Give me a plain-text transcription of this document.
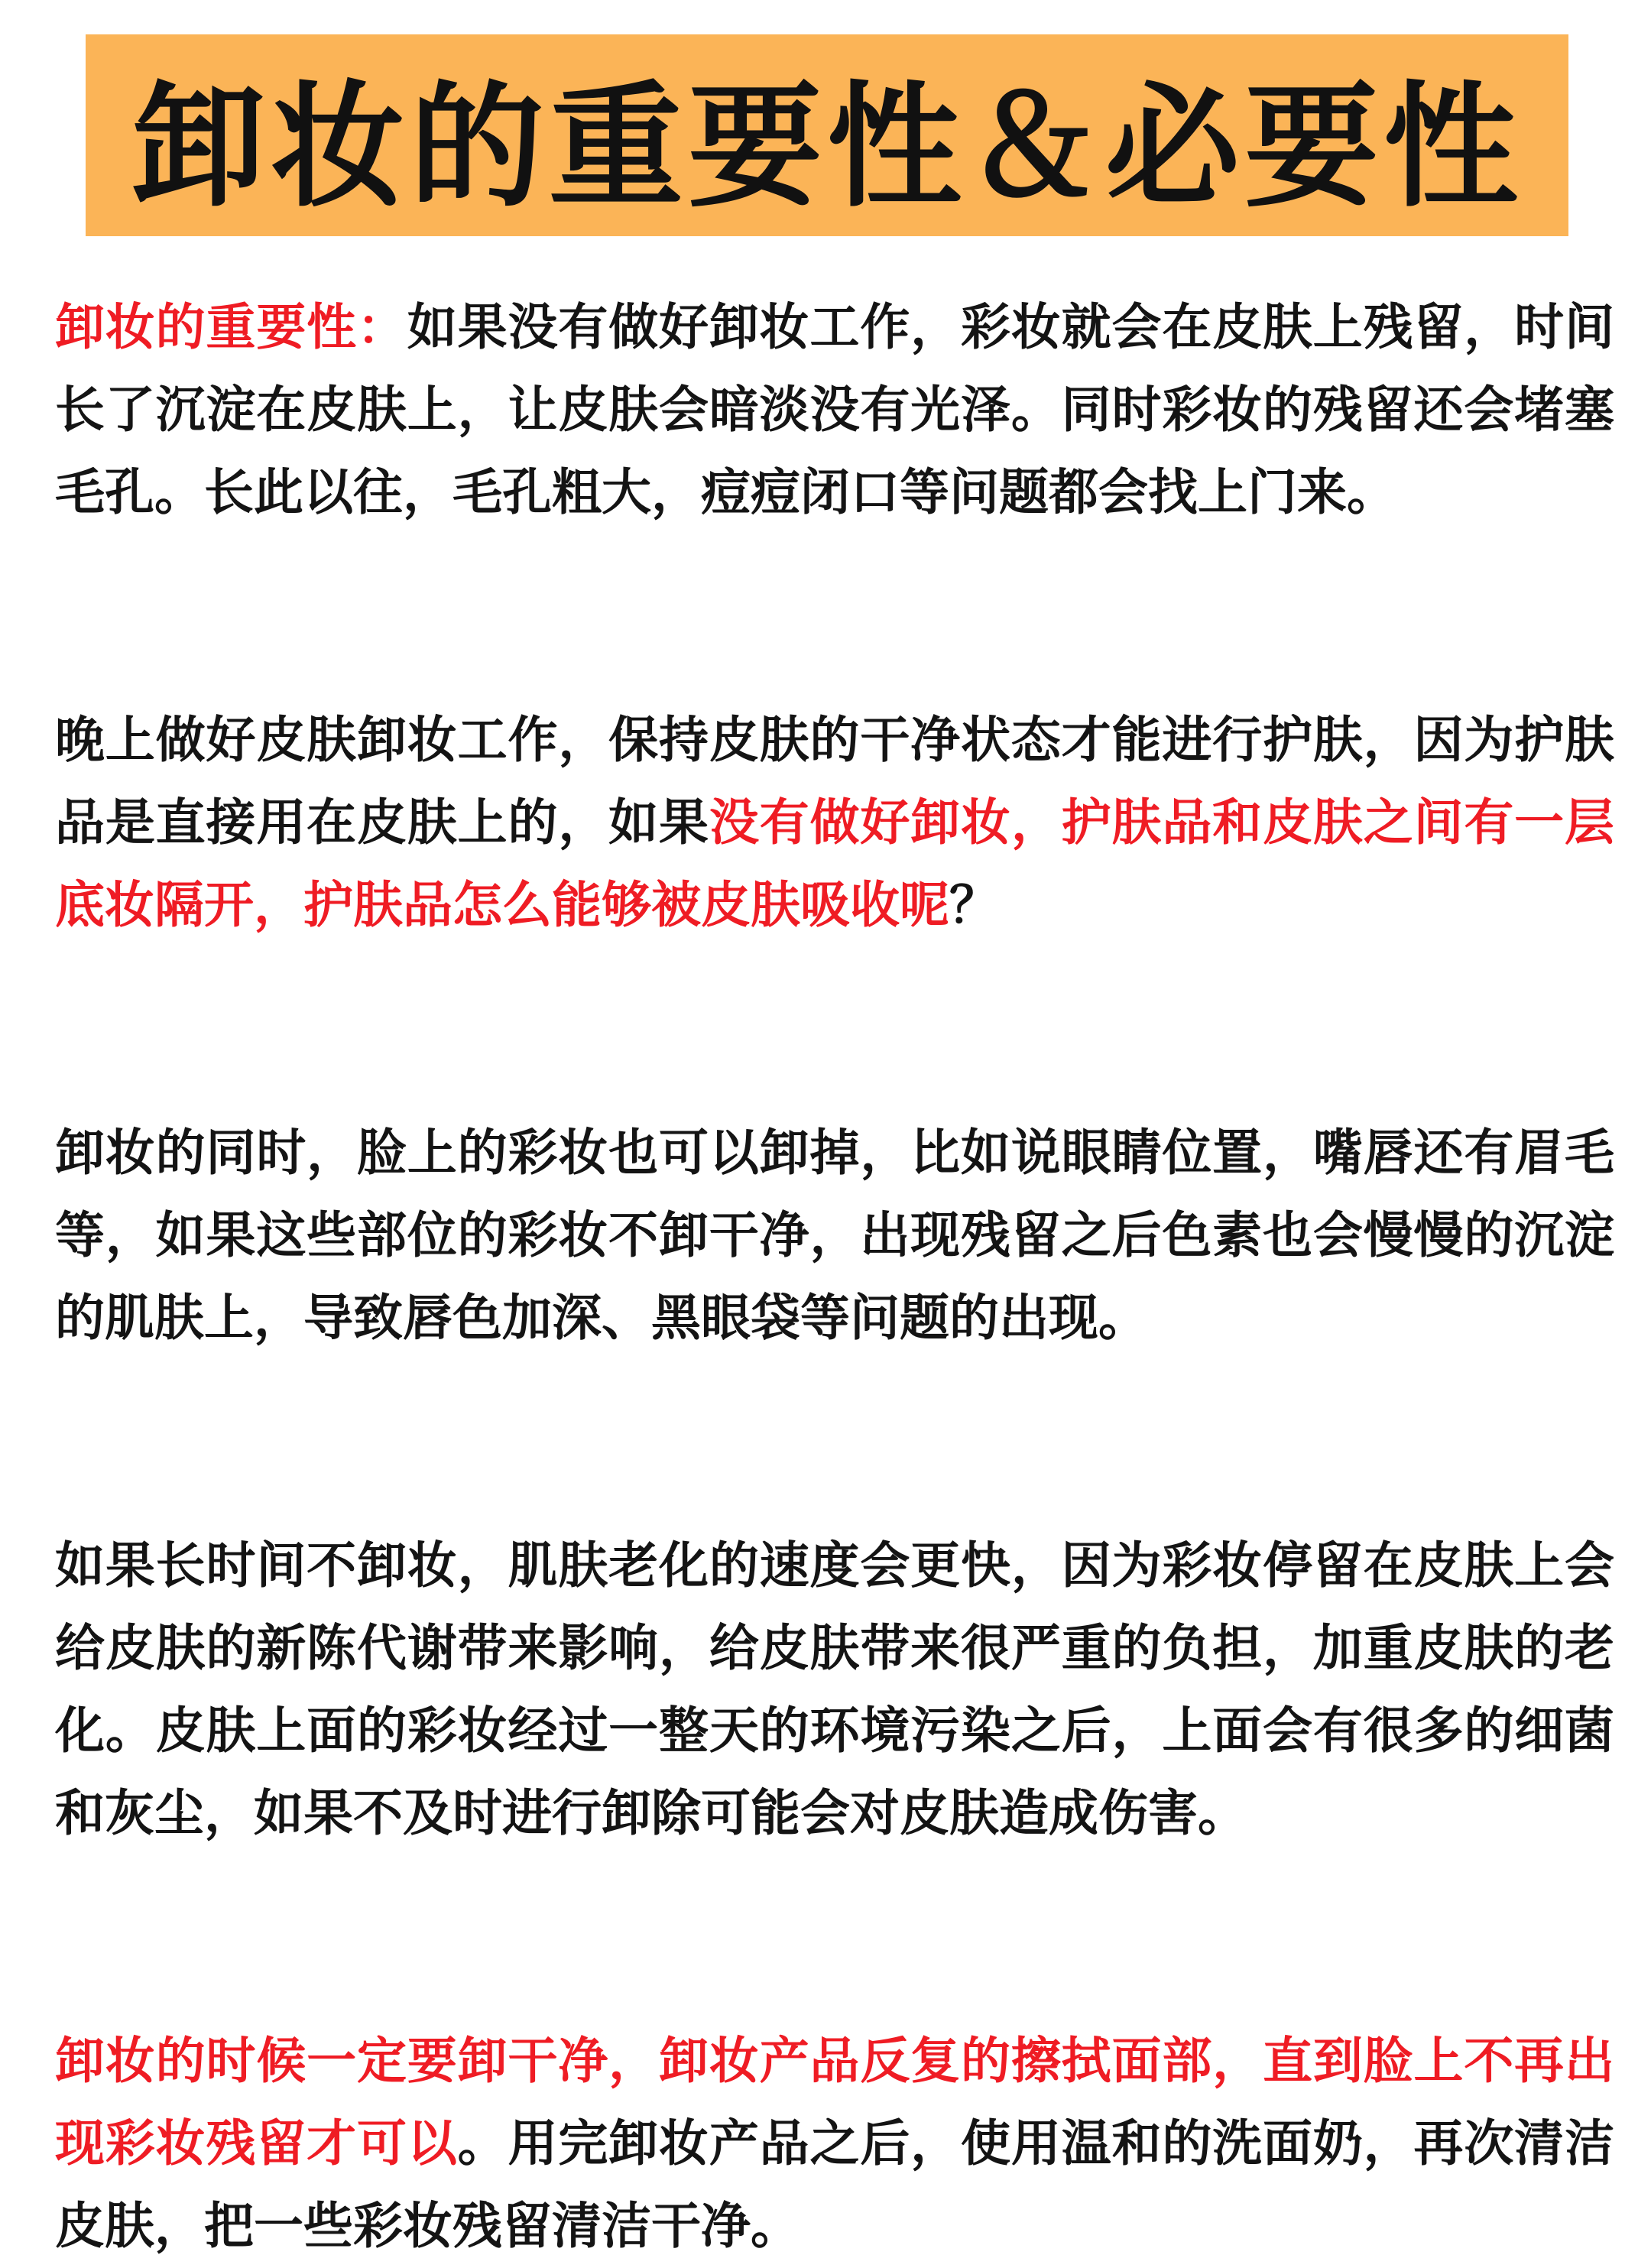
卸妆的重要性＆必要性

卸妆的重要性：如果没有做好卸妆工作，彩妆就会在皮肤上残留，时间长了沉淀在皮肤上，让皮肤会暗淡没有光泽。同时彩妆的残留还会堵塞毛孔。长此以往，毛孔粗大，痘痘闭口等问题都会找上门来。

晚上做好皮肤卸妆工作，保持皮肤的干净状态才能进行护肤，因为护肤品是直接用在皮肤上的，如果没有做好卸妆，护肤品和皮肤之间有一层底妆隔开，护肤品怎么能够被皮肤吸收呢？

卸妆的同时，脸上的彩妆也可以卸掉，比如说眼睛位置，嘴唇还有眉毛等，如果这些部位的彩妆不卸干净，出现残留之后色素也会慢慢的沉淀的肌肤上，导致唇色加深、黑眼袋等问题的出现。

如果长时间不卸妆，肌肤老化的速度会更快，因为彩妆停留在皮肤上会给皮肤的新陈代谢带来影响，给皮肤带来很严重的负担，加重皮肤的老化。皮肤上面的彩妆经过一整天的环境污染之后，上面会有很多的细菌和灰尘，如果不及时进行卸除可能会对皮肤造成伤害。

卸妆的时候一定要卸干净，卸妆产品反复的擦拭面部，直到脸上不再出现彩妆残留才可以。用完卸妆产品之后，使用温和的洗面奶，再次清洁皮肤，把一些彩妆残留清洁干净。
